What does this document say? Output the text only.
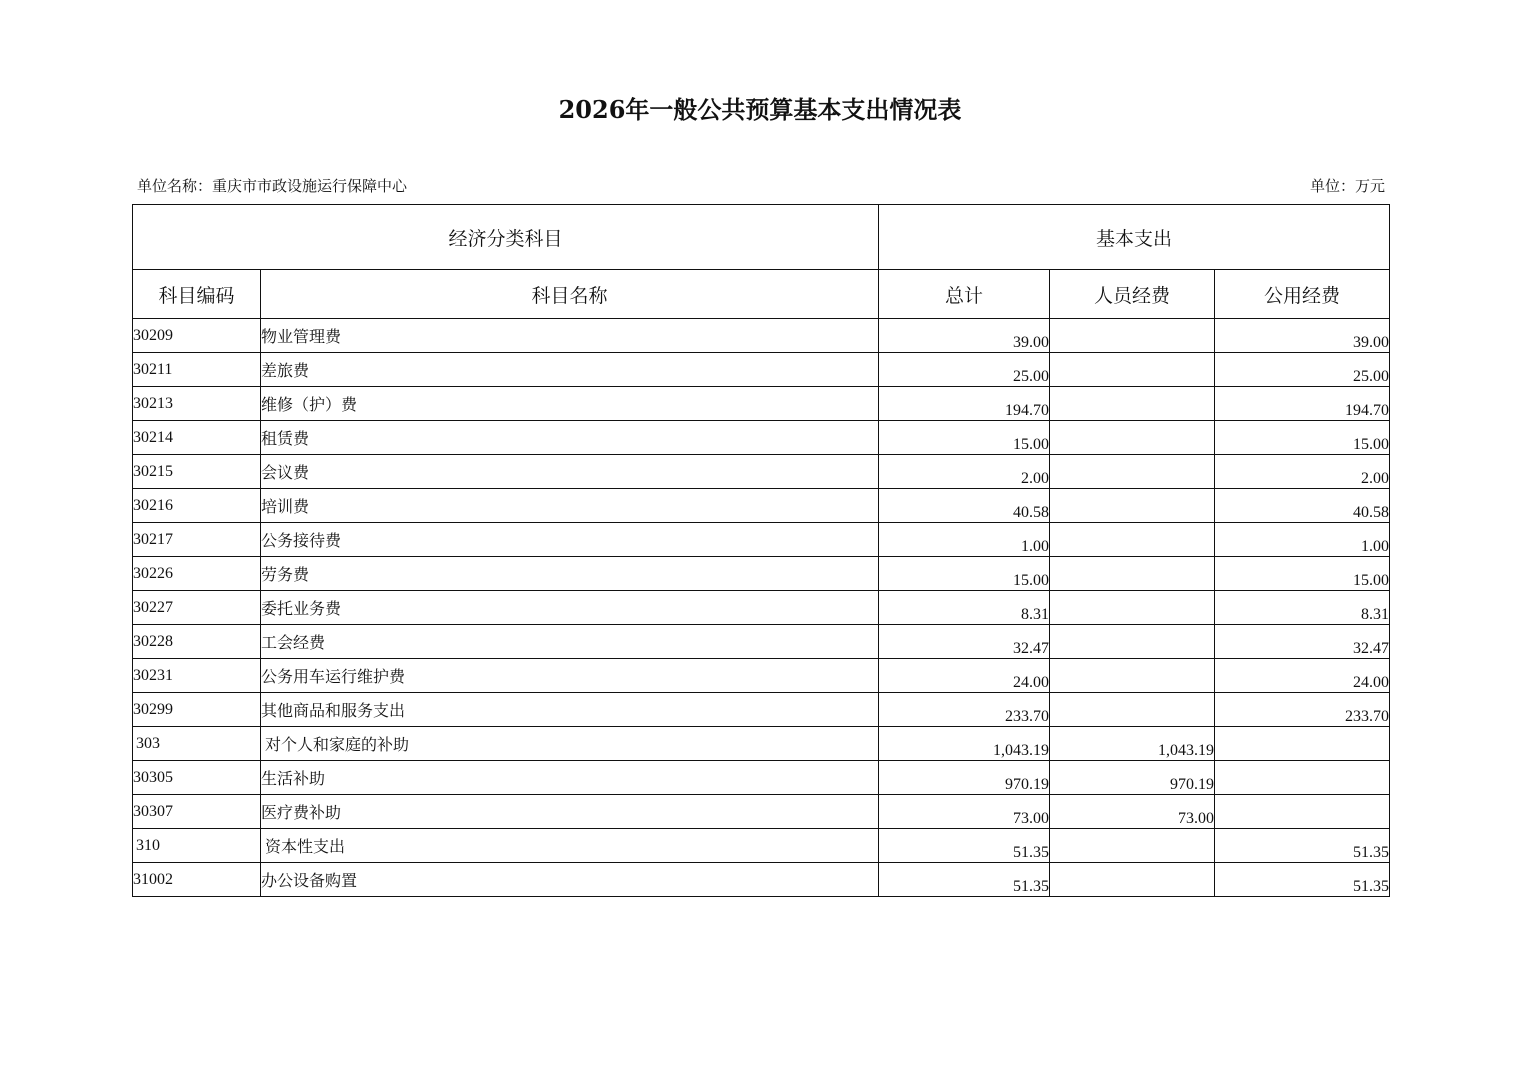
2026年一般公共预算基本支出情况表
单位名称：重庆市市政设施运行保障中心	单位：万元
经济分类科目		基本支出		
科目编码	科目名称	总计	人员经费	公用经费
30209	物业管理费	39.00		39.00
30211	差旅费	25.00		25.00
30213	维修（护）费	194.70		194.70
30214	租赁费	15.00		15.00
30215	会议费	2.00		2.00
30216	培训费	40.58		40.58
30217	公务接待费	1.00		1.00
30226	劳务费	15.00		15.00
30227	委托业务费	8.31		8.31
30228	工会经费	32.47		32.47
30231	公务用车运行维护费	24.00		24.00
30299	其他商品和服务支出	233.70		233.70
303	对个人和家庭的补助	1,043.19	1,043.19	
30305	生活补助	970.19	970.19	
30307	医疗费补助	73.00	73.00	
310	资本性支出	51.35		51.35
31002	办公设备购置	51.35		51.35
